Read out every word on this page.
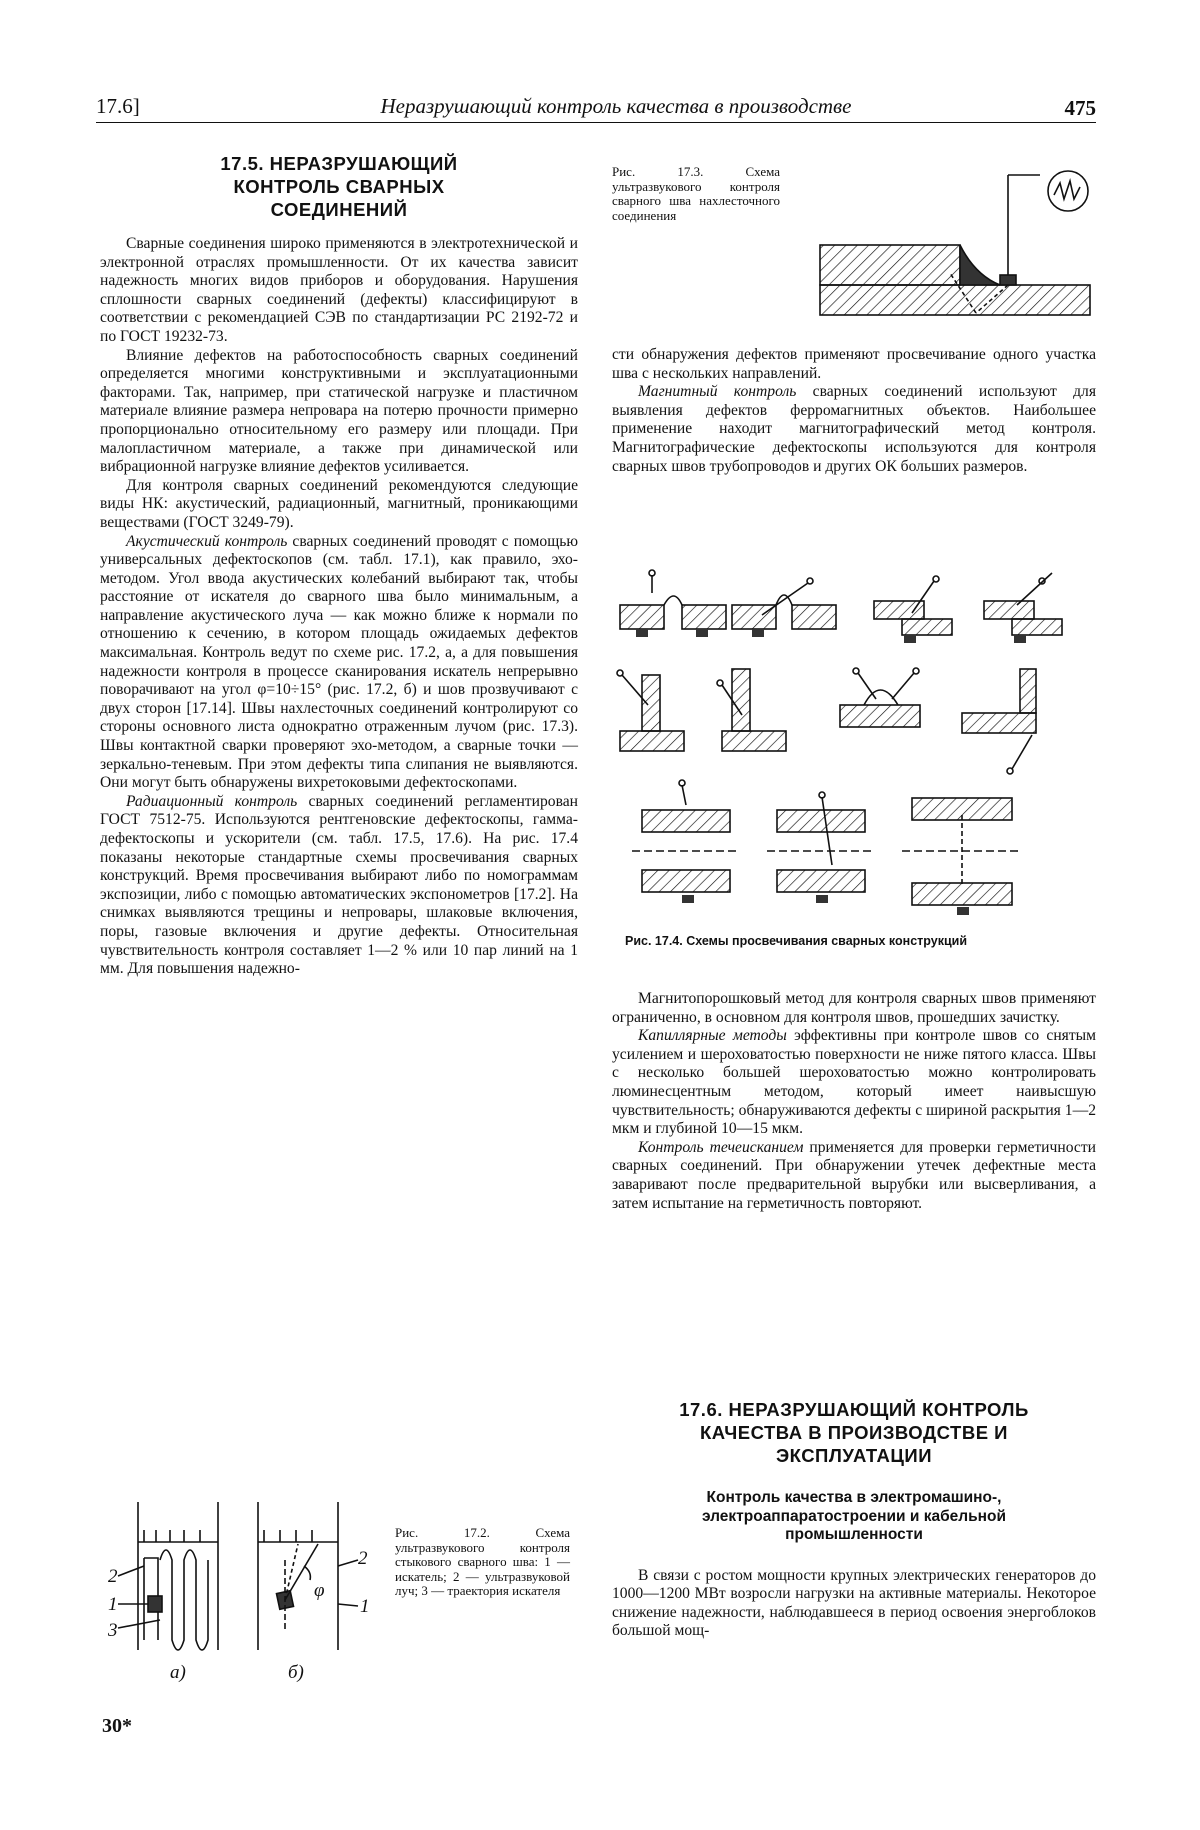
17.6]	Неразрушающий контроль качества в производстве	475

17.5. НЕРАЗРУШАЮЩИЙ КОНТРОЛЬ СВАРНЫХ СОЕДИНЕНИЙ

Сварные соединения широко применяются в электротехнической и электронной отраслях промышленности. От их качества зависит надежность многих видов приборов и оборудования. Нарушения сплошности сварных соединений (дефекты) классифицируют в соответствии с рекомендацией СЭВ по стандартизации РС 2192-72 и по ГОСТ 19232-73.

Влияние дефектов на работоспособность сварных соединений определяется многими конструктивными и эксплуатационными факторами. Так, например, при статической нагрузке и пластичном материале влияние размера непровара на потерю прочности примерно пропорционально относительному его размеру или площади. При малопластичном материале, а также при динамической или вибрационной нагрузке влияние дефектов усиливается.

Для контроля сварных соединений рекомендуются следующие виды НК: акустический, радиационный, магнитный, проникающими веществами (ГОСТ 3249-79).

Акустический контроль сварных соединений проводят с помощью универсальных дефектоскопов (см. табл. 17.1), как правило, эхо-методом. Угол ввода акустических колебаний выбирают так, чтобы расстояние от искателя до сварного шва было минимальным, а направление акустического луча — как можно ближе к нормали по отношению к сечению, в котором площадь ожидаемых дефектов максимальная. Контроль ведут по схеме рис. 17.2, а, а для повышения надежности контроля в процессе сканирования искатель непрерывно поворачивают на угол φ=10÷15° (рис. 17.2, б) и шов прозвучивают с двух сторон [17.14]. Швы нахлесточных соединений контролируют со стороны основного листа однократно отраженным лучом (рис. 17.3). Швы контактной сварки проверяют эхо-методом, а сварные точки — зеркально-теневым. При этом дефекты типа слипания не выявляются. Они могут быть обнаружены вихретоковыми дефектоскопами.

Радиационный контроль сварных соединений регламентирован ГОСТ 7512-75. Используются рентгеновские дефектоскопы, гамма-дефектоскопы и ускорители (см. табл. 17.5, 17.6). На рис. 17.4 показаны некоторые стандартные схемы просвечивания сварных конструкций. Время просвечивания выбирают либо по номограммам экспозиции, либо с помощью автоматических экспонометров [17.2]. На снимках выявляются трещины и непровары, шлаковые включения, поры, газовые включения и другие дефекты. Относительная чувствительность контроля составляет 1—2 % или 10 пар линий на 1 мм. Для повышения надежно-

2
1
3
2
1
φ
а)	б)
Рис. 17.2. Схема ультразвукового контроля стыкового сварного шва: 1 — искатель; 2 — ультразвуковой луч; 3 — траектория искателя
30*
Рис. 17.3. Схема ультразвукового контроля сварного шва нахлесточного соединения

сти обнаружения дефектов применяют просвечивание одного участка шва с нескольких направлений.

Магнитный контроль сварных соединений используют для выявления дефектов ферромагнитных объектов. Наибольшее применение находит магнитографический метод контроля. Магнитографические дефектоскопы используются для контроля сварных швов трубопроводов и других ОК больших размеров.

Рис. 17.4. Схемы просвечивания сварных конструкций

Магнитопорошковый метод для контроля сварных швов применяют ограниченно, в основном для контроля швов, прошедших зачистку.

Капиллярные методы эффективны при контроле швов со снятым усилением и шероховатостью поверхности не ниже пятого класса. Швы с несколько большей шероховатостью можно контролировать люминесцентным методом, который имеет наивысшую чувствительность; обнаруживаются дефекты с шириной раскрытия 1—2 мкм и глубиной 10—15 мкм.

Контроль течеисканием применяется для проверки герметичности сварных соединений. При обнаружении утечек дефектные места заваривают после предварительной вырубки или высверливания, а затем испытание на герметичность повторяют.

17.6. НЕРАЗРУШАЮЩИЙ КОНТРОЛЬ КАЧЕСТВА В ПРОИЗВОДСТВЕ И ЭКСПЛУАТАЦИИ

Контроль качества в электромашино-, электроаппаратостроении и кабельной промышленности

В связи с ростом мощности крупных электрических генераторов до 1000—1200 МВт возросли нагрузки на активные материалы. Некоторое снижение надежности, наблюдавшееся в период освоения энергоблоков большой мощ-
